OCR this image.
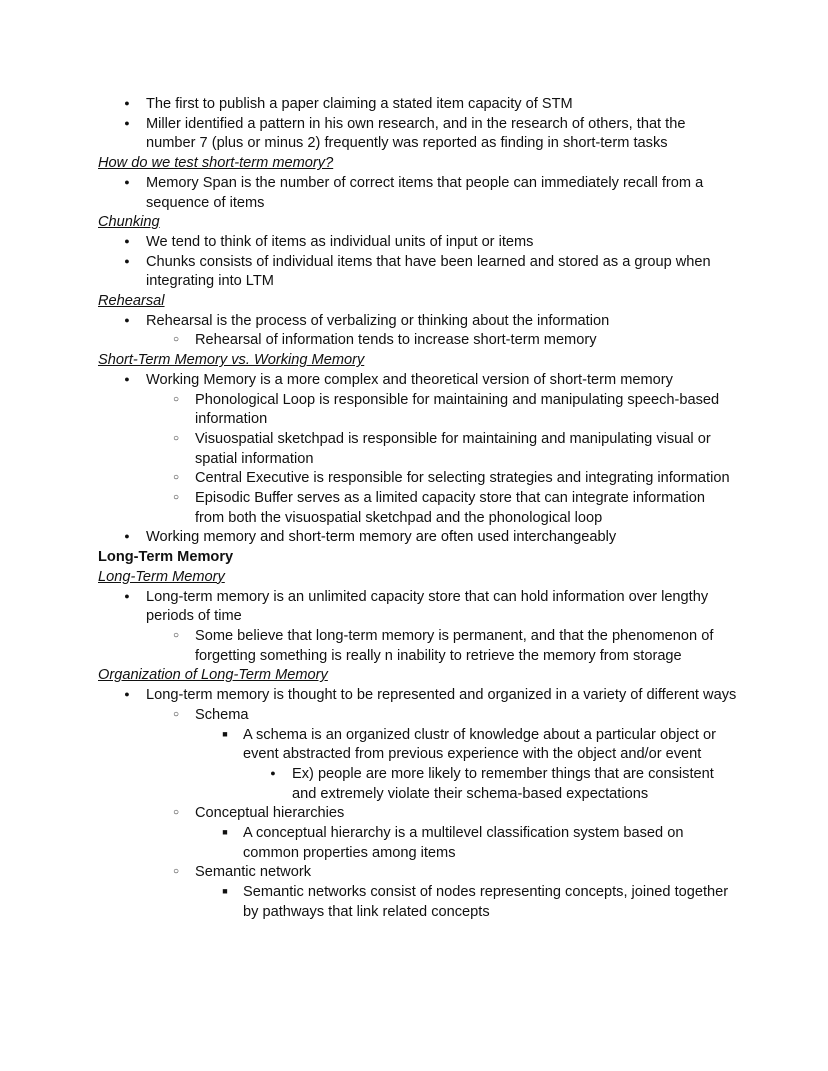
●
The first to publish a paper claiming a stated item capacity of STM
●
Miller identified a pattern in his own research, and in the research of others, that the number 7 (plus or minus 2) frequently was reported as finding in short-term tasks
How do we test short-term memory?
●
Memory Span is the number of correct items that people can immediately recall from a sequence of items
Chunking
●
We tend to think of items as individual units of input or items
●
Chunks consists of individual items that have been learned and stored as a group when integrating into LTM
Rehearsal
●
Rehearsal is the process of verbalizing or thinking about the information
○
Rehearsal of information tends to increase short-term memory
Short-Term Memory vs. Working Memory
●
Working Memory is a more complex and theoretical version of short-term memory
○
Phonological Loop is responsible for maintaining and manipulating speech-based information
○
Visuospatial sketchpad is responsible for maintaining and manipulating visual or spatial information
○
Central Executive is responsible for selecting strategies and integrating information
○
Episodic Buffer serves as a limited capacity store that can integrate information from both the visuospatial sketchpad and the phonological loop
●
Working memory and short-term memory are often used interchangeably
Long-Term Memory
Long-Term Memory
●
Long-term memory is an unlimited capacity store that can hold information over lengthy periods of time
○
Some believe that long-term memory is permanent, and that the phenomenon of forgetting something is really n inability to retrieve the memory from storage
Organization of Long-Term Memory
●
Long-term memory is thought to be represented and organized in a variety of different ways
○
Schema
■
A schema is an organized clustr of knowledge about a particular object or event abstracted from previous experience with the object and/or event
●
Ex) people are more likely to remember things that are consistent and extremely violate their schema-based expectations
○
Conceptual hierarchies
■
A conceptual hierarchy is a multilevel classification system based on common properties among items
○
Semantic network
■
Semantic networks consist of nodes representing concepts, joined together by pathways that link related concepts
